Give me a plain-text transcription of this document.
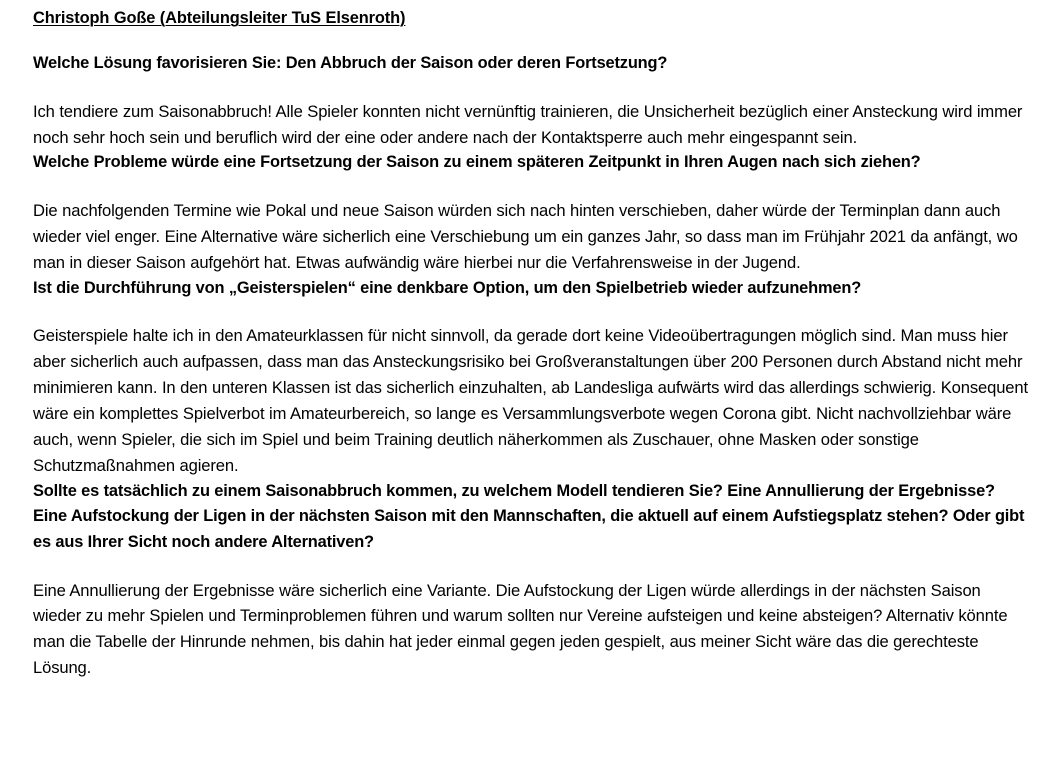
Christoph Goße (Abteilungsleiter TuS Elsenroth)

Welche Lösung favorisieren Sie: Den Abbruch der Saison oder deren Fortsetzung?

Ich tendiere zum Saisonabbruch! Alle Spieler konnten nicht vernünftig trainieren, die Unsicherheit bezüglich einer Ansteckung wird immer noch sehr hoch sein und beruflich wird der eine oder andere nach der Kontaktsperre auch mehr eingespannt sein.

Welche Probleme würde eine Fortsetzung der Saison zu einem späteren Zeitpunkt in Ihren Augen nach sich ziehen?

Die nachfolgenden Termine wie Pokal und neue Saison würden sich nach hinten verschieben, daher würde der Terminplan dann auch wieder viel enger. Eine Alternative wäre sicherlich eine Verschiebung um ein ganzes Jahr, so dass man im Frühjahr 2021 da anfängt, wo man in dieser Saison aufgehört hat. Etwas aufwändig wäre hierbei nur die Verfahrensweise in der Jugend.

Ist die Durchführung von „Geisterspielen“ eine denkbare Option, um den Spielbetrieb wieder aufzunehmen?

Geisterspiele halte ich in den Amateurklassen für nicht sinnvoll, da gerade dort keine Videoübertragungen möglich sind. Man muss hier aber sicherlich auch aufpassen, dass man das Ansteckungsrisiko bei Großveranstaltungen über 200 Personen durch Abstand nicht mehr minimieren kann. In den unteren Klassen ist das sicherlich einzuhalten, ab Landesliga aufwärts wird das allerdings schwierig. Konsequent wäre ein komplettes Spielverbot im Amateurbereich, so lange es Versammlungsverbote wegen Corona gibt. Nicht nachvollziehbar wäre auch, wenn Spieler, die sich im Spiel und beim Training deutlich näherkommen als Zuschauer, ohne Masken oder sonstige Schutzmaßnahmen agieren.

Sollte es tatsächlich zu einem Saisonabbruch kommen, zu welchem Modell tendieren Sie? Eine Annullierung der Ergebnisse? Eine Aufstockung der Ligen in der nächsten Saison mit den Mannschaften, die aktuell auf einem Aufstiegsplatz stehen? Oder gibt es aus Ihrer Sicht noch andere Alternativen?

Eine Annullierung der Ergebnisse wäre sicherlich eine Variante. Die Aufstockung der Ligen würde allerdings in der nächsten Saison wieder zu mehr Spielen und Terminproblemen führen und warum sollten nur Vereine aufsteigen und keine absteigen? Alternativ könnte man die Tabelle der Hinrunde nehmen, bis dahin hat jeder einmal gegen jeden gespielt, aus meiner Sicht wäre das die gerechteste Lösung.
